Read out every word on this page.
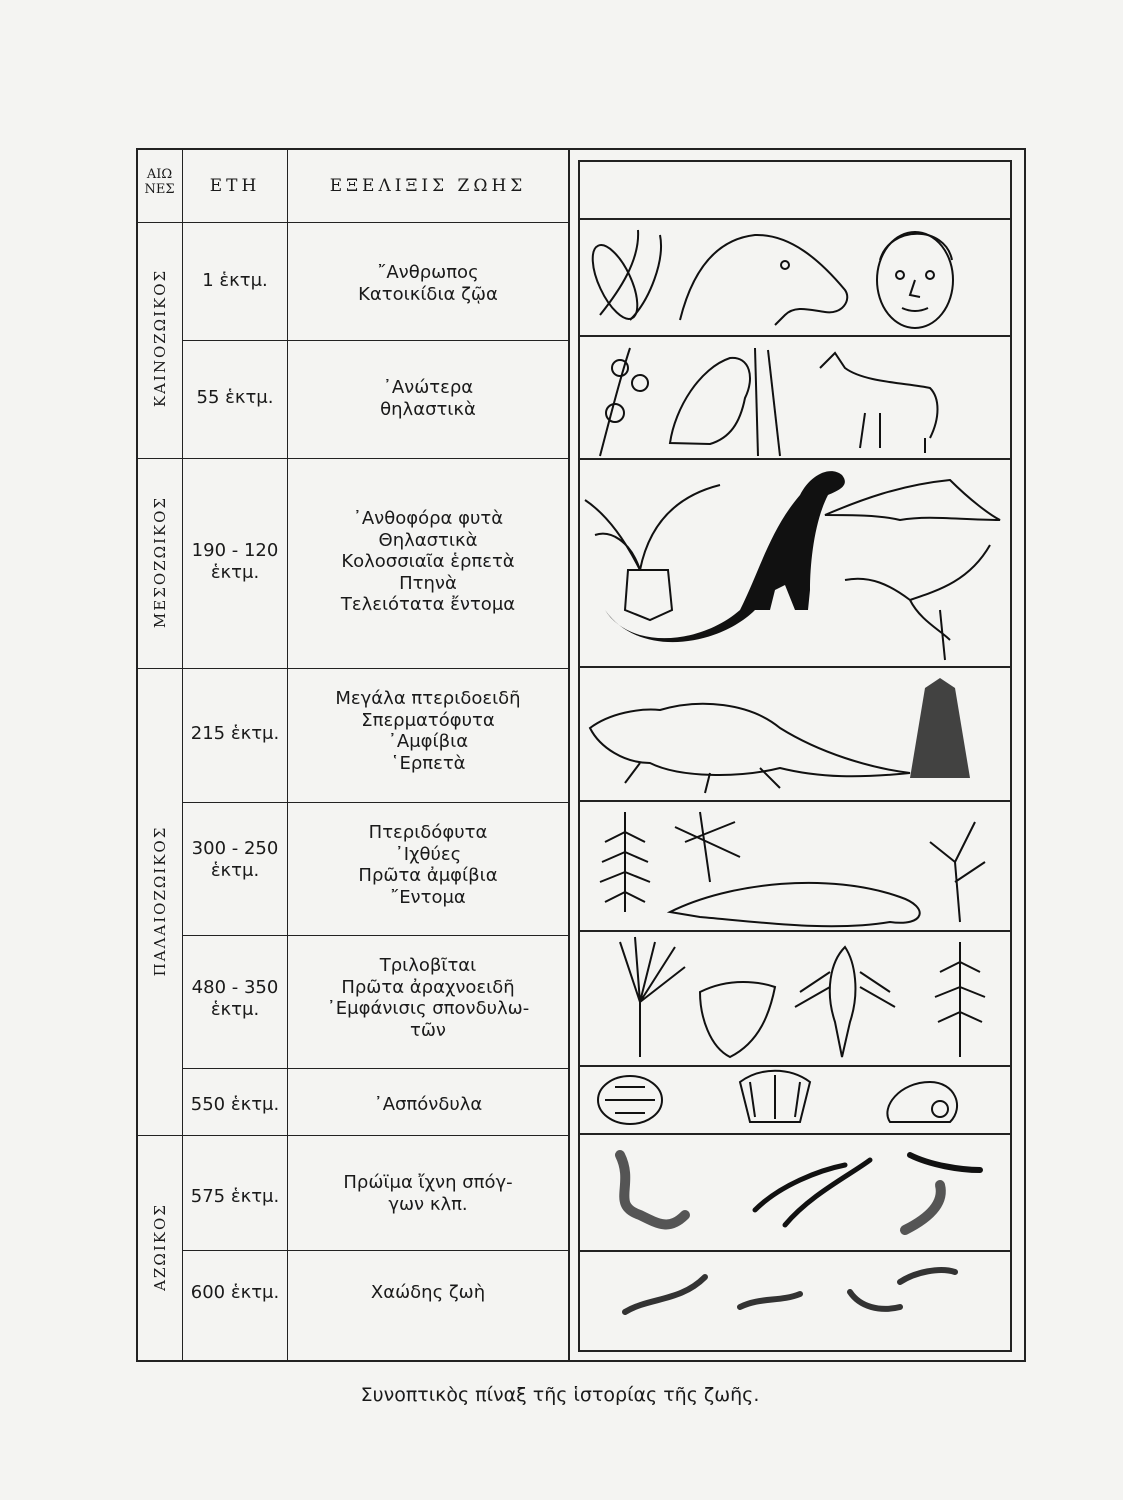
ΑΙΩ
ΝΕΣ	ΕΤΗ	ΕΞΕΛΙΞΙΣ ΖΩΗΣ
ΚΑΙΝΟΖΩΙΚΟΣ
ΜΕΣΟΖΩΙΚΟΣ
ΠΑΛΑΙΟΖΩΙΚΟΣ
ΑΖΩΙΚΟΣ
1 ἑκτμ.
55 ἑκτμ.
190 - 120
ἑκτμ.
215 ἑκτμ.
300 - 250
ἑκτμ.
480 - 350
ἑκτμ.
550 ἑκτμ.
575 ἑκτμ.
600 ἑκτμ.
῎Ανθρωπος
Κατοικίδια ζῷα
᾿Ανώτερα
θηλαστικὰ
᾿Ανθοφόρα φυτὰ
Θηλαστικὰ
Κολοσσιαῖα ἑρπετὰ
Πτηνὰ
Τελειότατα ἔντομα
Μεγάλα πτεριδοειδῆ
Σπερματόφυτα
᾿Αμφίβια
῾Ερπετὰ
Πτεριδόφυτα
᾿Ιχθύες
Πρῶτα ἀμφίβια
῎Εντομα
Τριλοβῖται
Πρῶτα ἀραχνοειδῆ
᾿Εμφάνισις σπονδυλω-
τῶν
᾿Ασπόνδυλα
Πρώϊμα ἴχνη σπόγ-
γων κλπ.
Χαώδης ζωὴ
Συνοπτικὸς πίναξ τῆς ἱστορίας τῆς ζωῆς.
